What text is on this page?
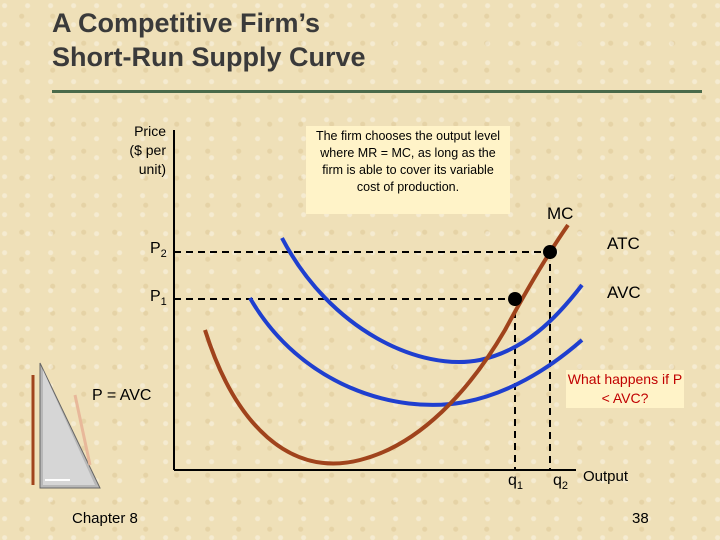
A Competitive Firm’s
Short-Run Supply Curve
Price
($ per
unit)
The firm chooses the output level where MR = MC, as long as the firm is able to cover its variable cost of production.
$P_2$
$P_1$
P = AVC
$q_1$ $q_2$
Output
MC
ATC
AVC
What happens if P < AVC?
Chapter 8	38
